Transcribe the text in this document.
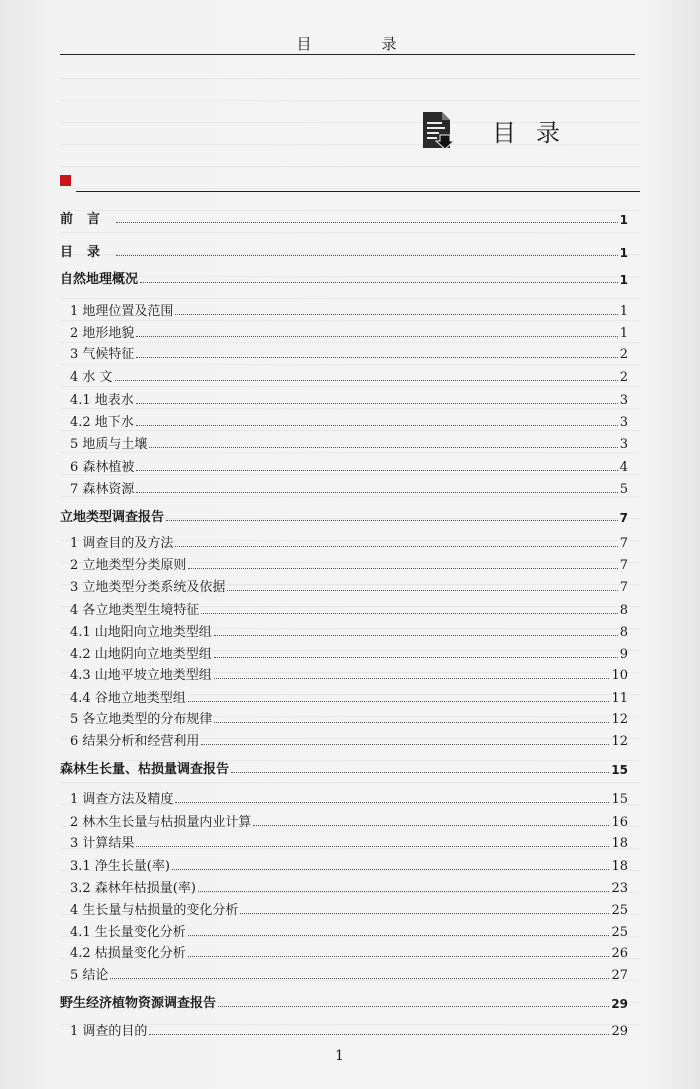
目	录
目 录
前 言	1
目 录	1
自然地理概况	1
1 地理位置及范围	1
2 地形地貌	1
3 气候特征	2
4 水 文	2
4.1 地表水	3
4.2 地下水	3
5 地质与土壤	3
6 森林植被	4
7 森林资源	5
立地类型调查报告	7
1 调查目的及方法	7
2 立地类型分类原则	7
3 立地类型分类系统及依据	7
4 各立地类型生境特征	8
4.1 山地阳向立地类型组	8
4.2 山地阴向立地类型组	9
4.3 山地平坡立地类型组	10
4.4 谷地立地类型组	11
5 各立地类型的分布规律	12
6 结果分析和经营利用	12
森林生长量、枯损量调查报告	15
1 调查方法及精度	15
2 林木生长量与枯损量内业计算	16
3 计算结果	18
3.1 净生长量(率)	18
3.2 森林年枯损量(率)	23
4 生长量与枯损量的变化分析	25
4.1 生长量变化分析	25
4.2 枯损量变化分析	26
5 结论	27
野生经济植物资源调查报告	29
1 调查的目的	29
1
